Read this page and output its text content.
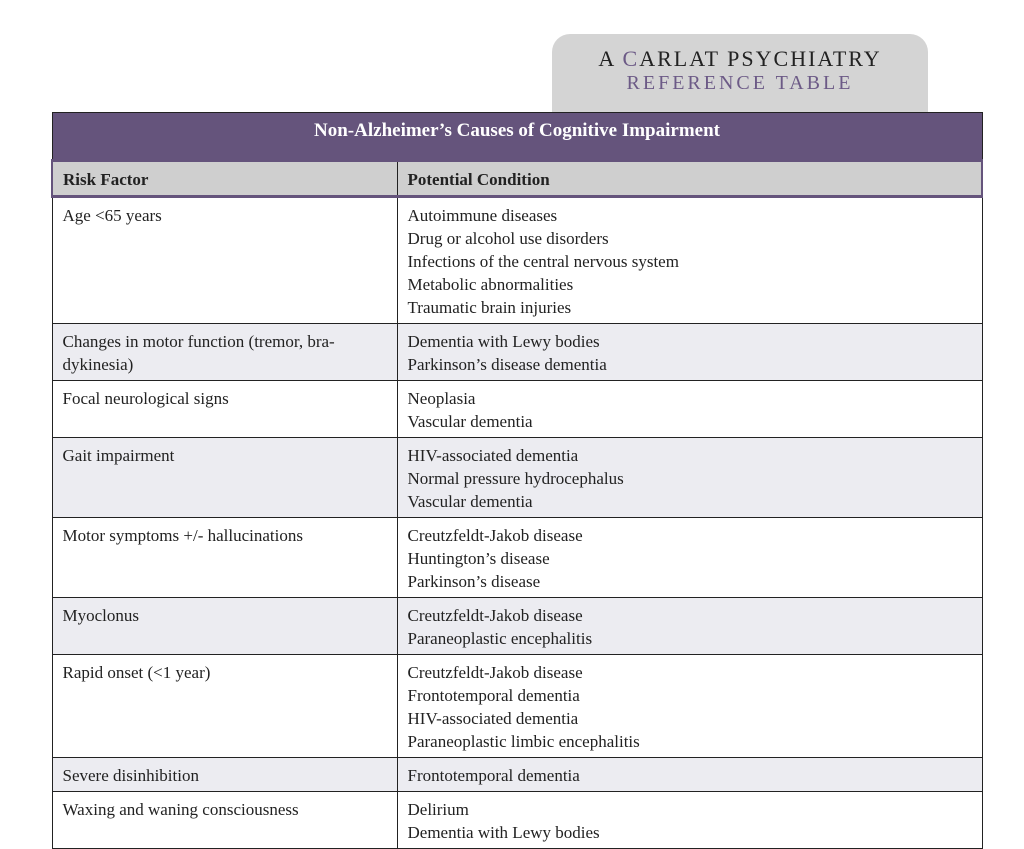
A CARLAT PSYCHIATRY
REFERENCE TABLE
Non-Alzheimer’s Causes of Cognitive Impairment	
Risk Factor	Potential Condition
Age <65 years	Autoimmune diseases
Drug or alcohol use disorders
Infections of the central nervous system
Metabolic abnormalities
Traumatic brain injuries

Changes in motor function (tremor, bra-dykinesia)	Dementia with Lewy bodies
Parkinson’s disease dementia

Focal neurological signs	Neoplasia
Vascular dementia

Gait impairment	HIV-associated dementia
Normal pressure hydrocephalus
Vascular dementia

Motor symptoms +/- hallucinations	Creutzfeldt-Jakob disease
Huntington’s disease
Parkinson’s disease

Myoclonus	Creutzfeldt-Jakob disease
Paraneoplastic encephalitis

Rapid onset (<1 year)	Creutzfeldt-Jakob disease
Frontotemporal dementia
HIV-associated dementia
Paraneoplastic limbic encephalitis

Severe disinhibition	Frontotemporal dementia

Waxing and waning consciousness	Delirium
Dementia with Lewy bodies
